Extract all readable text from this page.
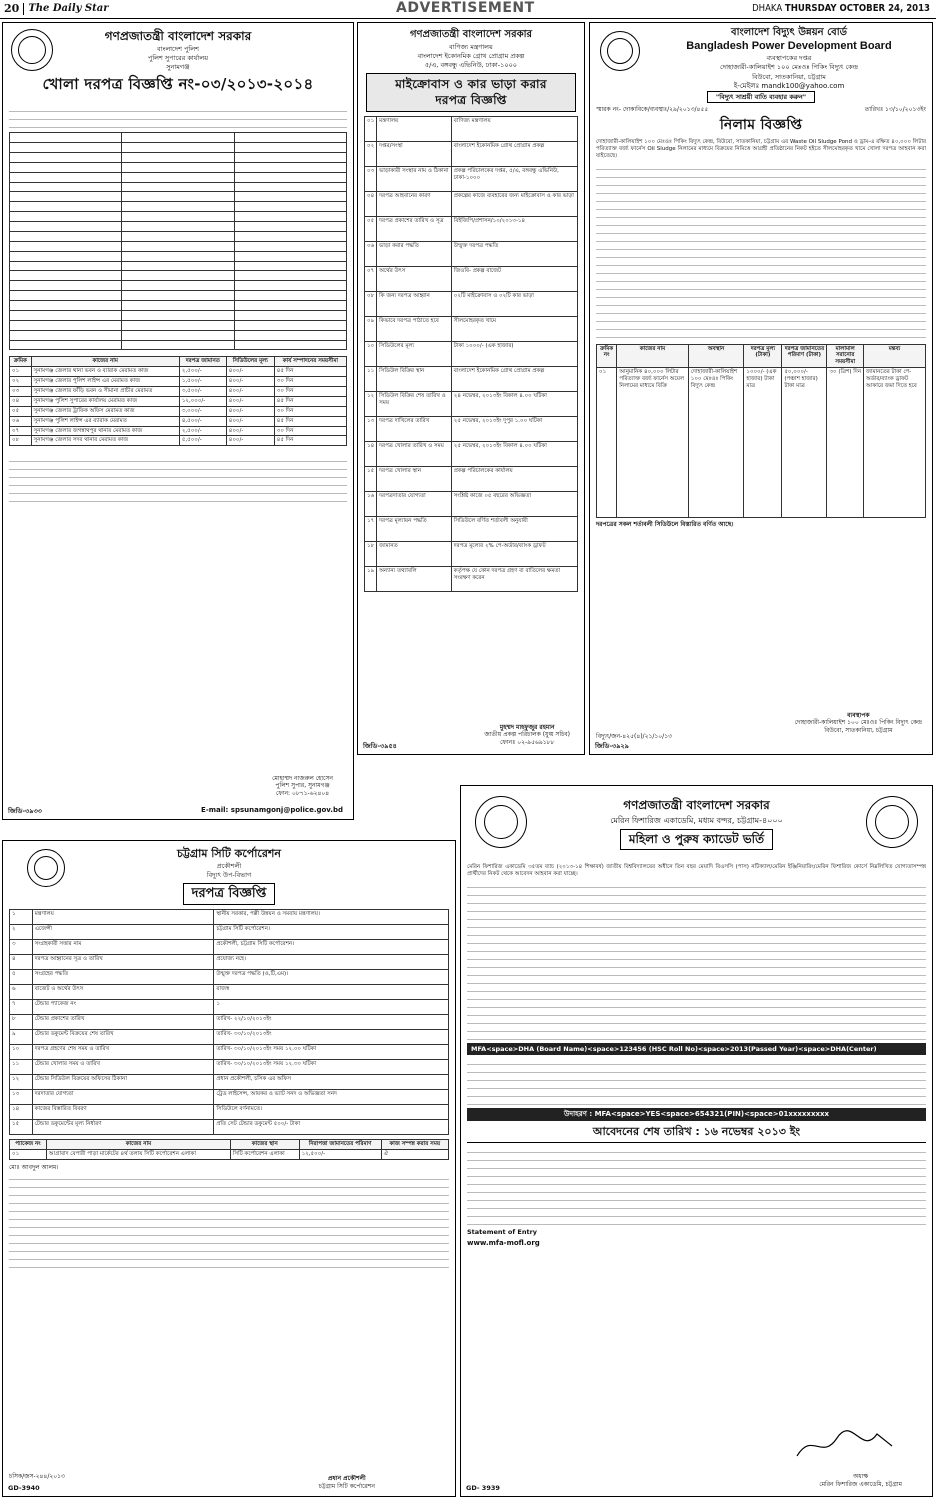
20 The Daily Star	ADVERTISEMENT	DHAKA THURSDAY OCTOBER 24, 2013
গণপ্রজাতন্ত্রী বাংলাদেশ সরকার
বাংলাদেশ পুলিশ
পুলিশ সুপারের কার্যালয়
সুনামগঞ্জ
খোলা দরপত্র বিজ্ঞপ্তি নং-০৩/২০১৩-২০১৪

ক্রমিক	কাজের নাম	দরপত্র জামানত	সিডিউলের মূল্য	কার্য সম্পাদনের সময়সীমা
০১	সুনামগঞ্জ জেলার থানা ভবন ও ব্যারাক মেরামত কাজ	২,৫০০/-	৪০০/-	৪৫ দিন
০২	সুনামগঞ্জ জেলার পুলিশ লাইন্স এর মেরামত কাজ	১,৫০০/-	৪০০/-	৩০ দিন
০৩	সুনামগঞ্জ জেলার ফাঁড়ি ভবন ও সীমানা প্রাচীর মেরামত	৩,৫০০/-	৪০০/-	৩০ দিন
০৪	সুনামগঞ্জ পুলিশ সুপারের কার্যালয় মেরামত কাজ	১২,০০০/-	৪০০/-	৪৫ দিন
০৫	সুনামগঞ্জ জেলার ট্রাফিক অফিস মেরামত কাজ	৩,০০০/-	৪০০/-	৩০ দিন
০৬	সুনামগঞ্জ পুলিশ লাইন্স এর ব্যারাক মেরামত	৪,৫০০/-	৪০০/-	৪৫ দিন
০৭	সুনামগঞ্জ জেলার জগন্নাথপুর থানার মেরামত কাজ	২,৫০০/-	৪০০/-	৩০ দিন
০৮	সুনামগঞ্জ জেলার সদর থানার মেরামত কাজ	৫,৫০০/-	৪০০/-	৪৫ দিন
মোহাম্মদ নাজরুল হোসেন
পুলিশ সুপার, সুনামগঞ্জ
ফোন: ০৮৭১-৬২৪০৪
E-mail: spsunamgonj@police.gov.bd
জিডি-৩৯৩৩
গণপ্রজাতন্ত্রী বাংলাদেশ সরকার
বাণিজ্য মন্ত্রণালয়
বাংলাদেশ ইকোনমিক গ্রোথ প্রোগ্রাম প্রকল্প
৫/এ, বঙ্গবন্ধু এভিনিউ, ঢাকা-১০০০
মাইক্রোবাস ও কার ভাড়া করার
দরপত্র বিজ্ঞপ্তি
০১	মন্ত্রণালয়	বাণিজ্য মন্ত্রণালয়
০২	দপ্তর/সংস্থা	বাংলাদেশ ইকোনমিক গ্রোথ প্রোগ্রাম প্রকল্প
০৩	ভাড়াকারী সংস্থার নাম ও ঠিকানা	প্রকল্প পরিচালকের দপ্তর, ৫/এ, বঙ্গবন্ধু এভিনিউ, ঢাকা-১০০০
০৪	দরপত্র আহবানের কারণ	প্রকল্পের কাজে ব্যবহারের জন্য মাইক্রোবাস ও কার ভাড়া
০৫	দরপত্র প্রকাশের তারিখ ও সূত্র	বিইজিপি/প্রশাসন/১০/২০১৩-১৪
০৬	ভাড়া করার পদ্ধতি	উন্মুক্ত দরপত্র পদ্ধতি
০৭	অর্থের উৎস	জিওবি- প্রকল্প বাজেট
০৮	কি জন্য দরপত্র আহ্বান	০২টি মাইক্রোবাস ও ০২টি কার ভাড়া
০৯	কিভাবে দরপত্র পাঠাতে হবে	সীলমোহরকৃত খামে
১০	সিডিউলের মূল্য	টাকা ১০০০/- (এক হাজার)
১১	সিডিউল বিক্রির স্থান	বাংলাদেশ ইকোনমিক গ্রোথ প্রোগ্রাম প্রকল্প
১২	সিডিউল বিক্রির শেষ তারিখ ও সময়	২৪ নভেম্বর, ২০১৩ইং বিকাল ৪.০০ ঘটিকা
১৩	দরপত্র দাখিলের তারিখ	২৫ নভেম্বর, ২০১৩ইং দুপুর ১.০০ ঘটিকা
১৪	দরপত্র খোলার তারিখ ও সময়	২৫ নভেম্বর, ২০১৩ইং বিকাল ৪.০০ ঘটিকা
১৫	দরপত্র খোলার স্থান	প্রকল্প পরিচালকের কার্যালয়
১৬	দরপত্রদাতার যোগ্যতা	সংশ্লিষ্ট কাজে ০৫ বছরের অভিজ্ঞতা
১৭	দরপত্র মূল্যায়ন পদ্ধতি	সিডিউলে বর্ণিত শর্তাবলী অনুযায়ী
১৮	জামানত	দরপত্র মূল্যের ২% পে-অর্ডার/ব্যাংক ড্রাফট
১৯	অন্যান্য তথ্যাবলি	কর্তৃপক্ষ যে কোন দরপত্র গ্রহণ বা বাতিলের ক্ষমতা সংরক্ষণ করেন
মুহম্মদ মাহফুজুর রহমান
জাতীয় প্রকল্প পরিচালক (যুগ্ম সচিব)
ফোনঃ ০২-৯৫৬৯১৮৮
জিডি-৩৯৫৪
বাংলাদেশ বিদ্যুৎ উন্নয়ন বোর্ড
Bangladesh Power Development Board
ব্যবস্থাপকের দপ্তর
দোহাজারী-কালিয়াইশ ১০০ মেঃওঃ পিকিং বিদ্যুৎ কেন্দ্র
বিউবো, সাতকানিয়া, চট্টগ্রাম
ই-মেইলঃ mandk100@yahoo.com
"বিদ্যুৎ সাশ্রয়ী বাতি ব্যবহার করুন"
স্মারক নং- দোকাবিকে/ব্যবস্থাঃ/২৯/২০১৩/৪৫৫	তারিখঃ ১৩/১০/২০১৩ইং
নিলাম বিজ্ঞপ্তি
দোহাজারী-কালিয়াইশ ১০০ মেঃওঃ পিকিং বিদ্যুৎ কেন্দ্র, বিউবো, সাতকানিয়া, চট্টগ্রাম এর Waste Oil Sludge Pond ও ড্রাম-এ রক্ষিত ৪০,০০০ লিটার পরিত্যাক্ত বর্জ্য ফার্নেস Oil Sludge নিলামের মাধ্যমে বিক্রয়ের নিমিত্তে আগ্রহী প্রতিষ্ঠানের নিকট হইতে সীলমোহরকৃত খামে খোলা দরপত্র আহবান করা যাইতেছে।
ক্রমিক নং	কাজের নাম	অবস্থান	দরপত্র মূল্য (টাকা)	দরপত্র জামানতের পরিমাণ (টাকা)	মালামাল সরানোর সময়সীমা	মন্তব্য
০১	আনুমানিক ৪০,০০০ লিটার পরিত্যাক্ত বর্জ্য ফার্নেস অয়েল নিলামের মাধ্যমে বিক্রি	দোহাজারী-কালিয়াইশ ১০০ মেঃওঃ পিকিং বিদ্যুৎ কেন্দ্র	১০০০/- (এক হাজার) টাকা মাত্র	৫০,০০০/- (পঞ্চাশ হাজার) টাকা মাত্র	৩০ (ত্রিশ) দিন	জামানতের টাকা পে-অর্ডার/ব্যাংক ড্রাফট আকারে জমা দিতে হবে
দরপত্রের সকল শর্তাবলী সিডিউলে বিস্তারিত বর্ণিত আছে।
ব্যবস্থাপক
দোহাজারী-কালিয়াইশ ১০০ মেঃওঃ পিকিং বিদ্যুৎ কেন্দ্র
বিউবো, সাতকানিয়া, চট্টগ্রাম
বিদ্যুৎ/জন-৪২৫(৪)/২১/১০/১৩
জিডি-৩৯২৯
চট্টগ্রাম সিটি কর্পোরেশন
প্রকৌশলী
বিদ্যুৎ উপ-বিভাগ
দরপত্র বিজ্ঞপ্তি
১	মন্ত্রণালয়	স্থানীয় সরকার, পল্লী উন্নয়ন ও সমবায় মন্ত্রণালয়।
২	এজেন্সী	চট্টগ্রাম সিটি কর্পোরেশন।
৩	সংগ্রহকারী সত্তার নাম	প্রকৌশলী, চট্টগ্রাম সিটি কর্পোরেশন।
৪	দরপত্র আহ্বানের সূত্র ও তারিখ	প্রযোজ্য নহে।
৫	সংগ্রহের পদ্ধতি	উন্মুক্ত দরপত্র পদ্ধতি (ও,টি,এম)।
৬	বাজেট ও অর্থের উৎস	রাজস্ব
৭	টেন্ডার প্যাকেজ নং	১
৮	টেন্ডার প্রকাশের তারিখ	তারিখ- ২২/১০/২০১৩ইং
৯	টেন্ডার ডকুমেন্ট বিক্রয়ের শেষ তারিখ	তারিখ- ৩০/১০/২০১৩ইং
১০	দরপত্র গ্রহণের শেষ সময় ও তারিখ	তারিখ- ৩০/১০/২০১৩ইং সময় ১২.০০ ঘটিকা
১১	টেন্ডার খোলার সময় ও তারিখ	তারিখ- ৩০/১০/২০১৩ইং সময় ১২.৩০ ঘটিকা
১২	টেন্ডার সিডিউল বিক্রয়ের অফিসের ঠিকানা	প্রধান প্রকৌশলী, চসিক এর অফিস
১৩	দরদাতার যোগ্যতা	ট্রেড লাইসেন্স, আয়কর ও ভ্যাট সনদ ও অভিজ্ঞতা সনদ
১৪	কাজের বিস্তারিত বিবরণ	সিডিউলে বর্ণনামতে।
১৫	টেন্ডার ডকুমেন্টের মূল্য নির্ধারণ	প্রতি সেট টেন্ডার ডকুমেন্ট ৫০০/- টাকা
প্যাকেজ নং	কাজের নাম	কাজের স্থান	নিরাপত্তা জামানতের পরিমাণ	কাজ সম্পন্ন করার সময়
০১	আগ্রাবাদ বেপারী পাড়া মার্কেটের ৪র্থ তলায় সিটি কর্পোরেশন এলাকা	সিটি কর্পোরেশন এলাকা	১২,৫০০/-	ঐ
মোঃ আবদুল আলম।
চসিক/জস-২৪৪/২০১৩	প্রধান প্রকৌশলী
চট্টগ্রাম সিটি কর্পোরেশন
GD-3940
গণপ্রজাতন্ত্রী বাংলাদেশ সরকার
মেরিন ফিশারিজ একাডেমি, মধ্যম বন্দর, চট্টগ্রাম-৪০০০
মহিলা ও পুরুষ ক্যাডেট ভর্তি
মেরিন ফিশারিজ একাডেমি ৩৫তম ব্যাচ (২০১৩-১৪ শিক্ষাবর্ষ) জাতীয় বিশ্ববিদ্যালয়ের অধীনে তিন বছর মেয়াদি বিএসসি (পাস) নটিক্যাল/মেরিন ইঞ্জিনিয়ারিং/মেরিন ফিশারিজ কোর্সে নিম্নলিখিত যোগ্যতাসম্পন্ন প্রার্থীদের নিকট থেকে আবেদন আহবান করা যাচ্ছে।
MFA<space>DHA (Board Name)<space>123456 (HSC Roll No)<space>2013(Passed Year)<space>DHA(Center)
উদাহরণ : MFA<space>YES<space>654321(PIN)<space>01xxxxxxxxx
আবেদনের শেষ তারিখ : ১৬ নভেম্বর ২০১৩ ইং
Statement of Entry
www.mfa-mofl.org
অধ্যক্ষ
মেরিন ফিশারিজ একাডেমি, চট্টগ্রাম
GD- 3939
